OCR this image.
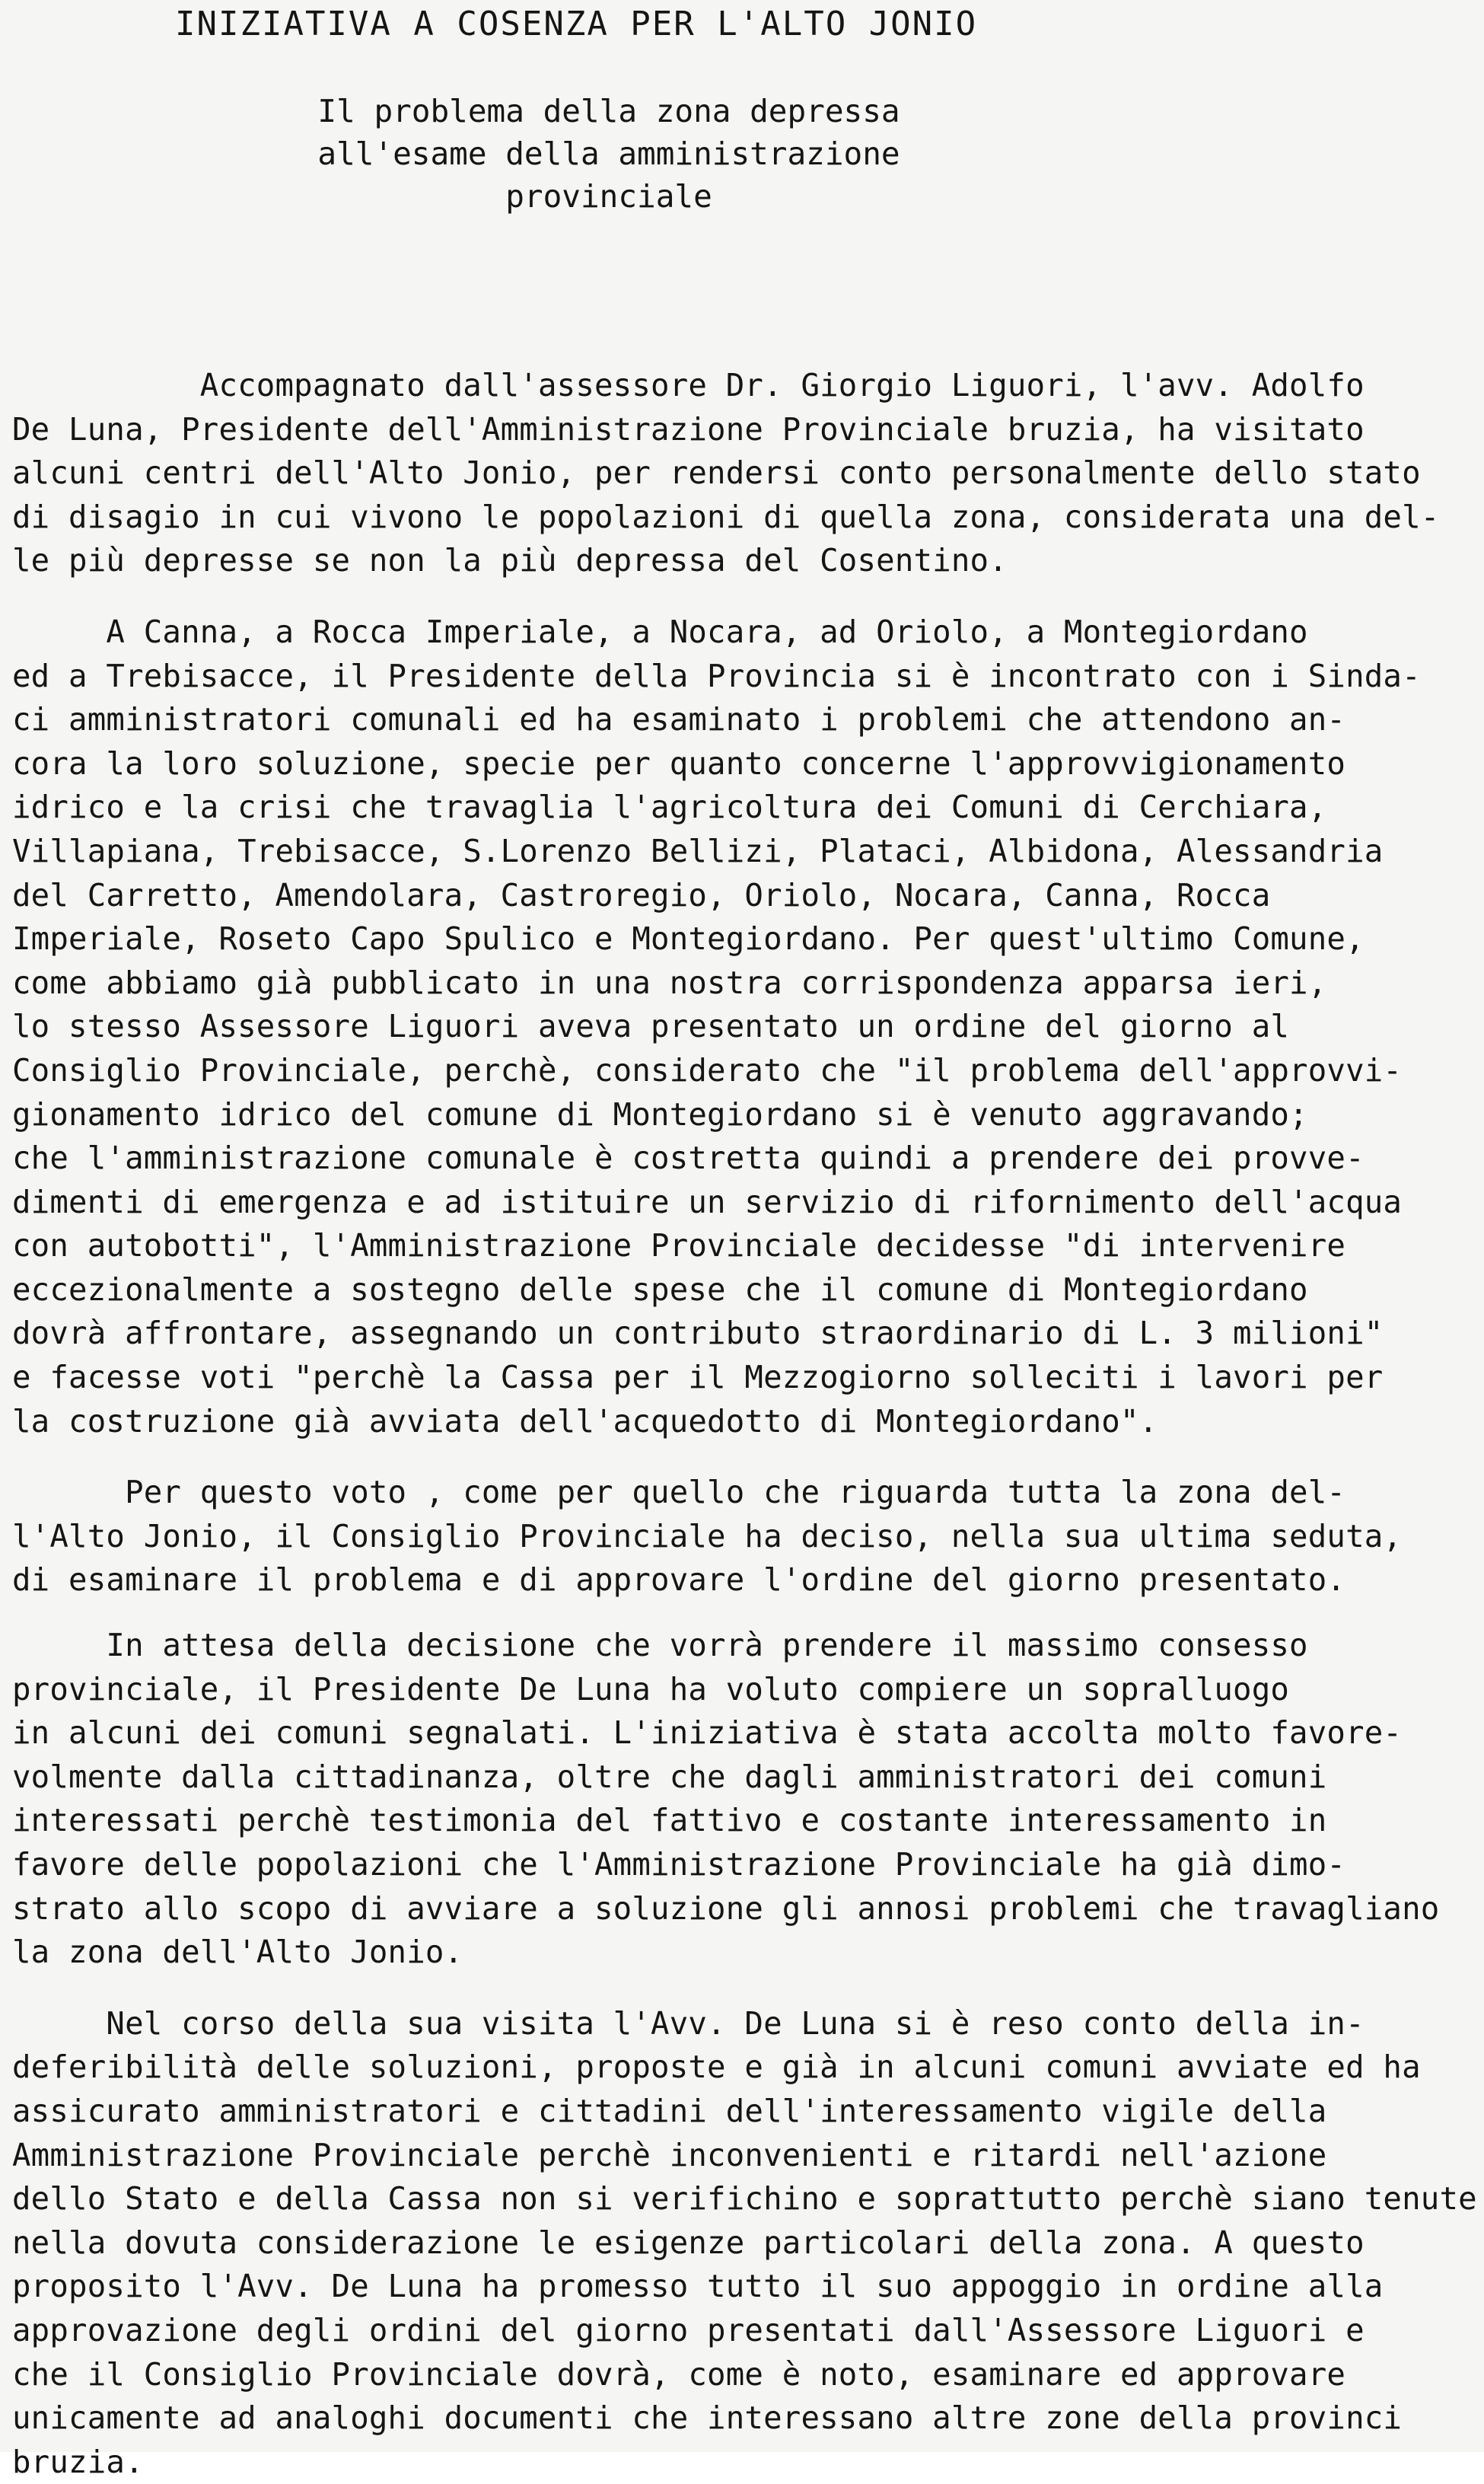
INIZIATIVA A COSENZA PER L'ALTO JONIO
Il problema della zona depressa
all'esame della amministrazione
provinciale
Accompagnato dall'assessore Dr. Giorgio Liguori, l'avv. Adolfo
De Luna, Presidente dell'Amministrazione Provinciale bruzia, ha visitato
alcuni centri dell'Alto Jonio, per rendersi conto personalmente dello stato
di disagio in cui vivono le popolazioni di quella zona, considerata una del-
le più depresse se non la più depressa del Cosentino.
A Canna, a Rocca Imperiale, a Nocara, ad Oriolo, a Montegiordano
ed a Trebisacce, il Presidente della Provincia si è incontrato con i Sinda-
ci amministratori comunali ed ha esaminato i problemi che attendono an-
cora la loro soluzione, specie per quanto concerne l'approvvigionamento
idrico e la crisi che travaglia l'agricoltura dei Comuni di Cerchiara,
Villapiana, Trebisacce, S.Lorenzo Bellizi, Plataci, Albidona, Alessandria
del Carretto, Amendolara, Castroregio, Oriolo, Nocara, Canna, Rocca
Imperiale, Roseto Capo Spulico e Montegiordano. Per quest'ultimo Comune,
come abbiamo già pubblicato in una nostra corrispondenza apparsa ieri,
lo stesso Assessore Liguori aveva presentato un ordine del giorno al
Consiglio Provinciale, perchè, considerato che "il problema dell'approvvi-
gionamento idrico del comune di Montegiordano si è venuto aggravando;
che l'amministrazione comunale è costretta quindi a prendere dei provve-
dimenti di emergenza e ad istituire un servizio di rifornimento dell'acqua
con autobotti", l'Amministrazione Provinciale decidesse "di intervenire
eccezionalmente a sostegno delle spese che il comune di Montegiordano
dovrà affrontare, assegnando un contributo straordinario di L. 3 milioni"
e facesse voti "perchè la Cassa per il Mezzogiorno solleciti i lavori per
la costruzione già avviata dell'acquedotto di Montegiordano".
Per questo voto , come per quello che riguarda tutta la zona del-
l'Alto Jonio, il Consiglio Provinciale ha deciso, nella sua ultima seduta,
di esaminare il problema e di approvare l'ordine del giorno presentato.
In attesa della decisione che vorrà prendere il massimo consesso
provinciale, il Presidente De Luna ha voluto compiere un sopralluogo
in alcuni dei comuni segnalati. L'iniziativa è stata accolta molto favore-
volmente dalla cittadinanza, oltre che dagli amministratori dei comuni
interessati perchè testimonia del fattivo e costante interessamento in
favore delle popolazioni che l'Amministrazione Provinciale ha già dimo-
strato allo scopo di avviare a soluzione gli annosi problemi che travagliano
la zona dell'Alto Jonio.
Nel corso della sua visita l'Avv. De Luna si è reso conto della in-
deferibilità delle soluzioni, proposte e già in alcuni comuni avviate ed ha
assicurato amministratori e cittadini dell'interessamento vigile della
Amministrazione Provinciale perchè inconvenienti e ritardi nell'azione
dello Stato e della Cassa non si verifichino e soprattutto perchè siano tenute
nella dovuta considerazione le esigenze particolari della zona. A questo
proposito l'Avv. De Luna ha promesso tutto il suo appoggio in ordine alla
approvazione degli ordini del giorno presentati dall'Assessore Liguori e
che il Consiglio Provinciale dovrà, come è noto, esaminare ed approvare
unicamente ad analoghi documenti che interessano altre zone della provinci
bruzia.
